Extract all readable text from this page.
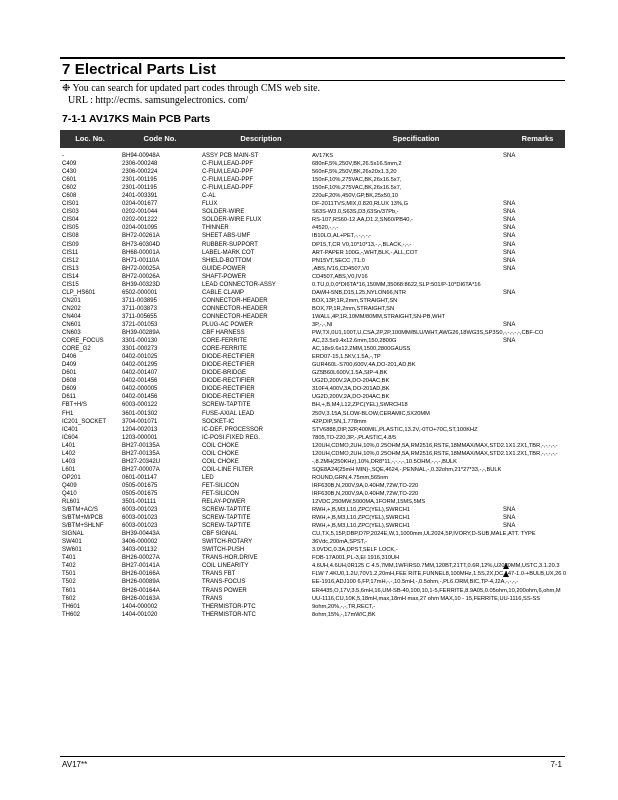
7 Electrical Parts List
❉ You can search for updated part codes through CMS web site.
URL : http://ecms. samsungelectronics. com/
7-1-1 AV17KS Main PCB Parts
Loc. No.	Code No.	Description	Specification	Remarks
-	BH94-00948A	ASSY PCB MAIN-ST	AV17KS	SNA
C409	2306-000248	C-FILM,LEAD-PPF	680nF,5%,250V,BK,26.5x16.5mm,2
C430	2306-000224	C-FILM,LEAD-PPF	560nF,5%,250V,BK,26x20x1.3,20
C601	2301-001195	C-FILM,LEAD-PPF	150nF,10%,275VAC,BK,26x16.5x7,
C602	2301-001195	C-FILM,LEAD-PPF	150nF,10%,275VAC,BK,26x16.5x7,
C608	2401-003391	C-AL	220uF,20%,450V,GP,BK,25x50,10
CIS01	0204-001677	FLUX	DF-2011TVS,MIX,0.820,RLUX 13%,G	SNA
CIS03	0202-001044	SOLDER-WIRE	S63S-W3.0,S63S,D3,63Sn/37Pb,-	SNA
CIS04	0202-001222	SOLDER-WIRE FLUX	RS-107,RS60-12.AA,D1.2,SN60/PB40,-	SNA
CIS05	0204-001095	THINNER	#4520,-,-,-	SNA
CIS08	BH72-00261A	SHEET ABS-UMF	IB10LO,AL+PET,-,-,-,-,-	SNA
CIS09	BH73-60304D	RUBBER-SUPPORT	DP15,T,CR V0,10*10*13,-,-,BLACK,-,-,-	SNA
CIS11	BH68-00001A	LABEL-MARK COT	ART-PAPER 100G,-,WHT,BLK,-,ALL,COT	SNA
CIS12	BH71-00110A	SHIELD-BOTTOM	PN15VT,SECC ,T1.0	SNA
CIS13	BH72-00025A	GUIDE-POWER	,ABS,IV16,CD4507,V0	SNA
CIS14	BH72-00026A	SHAFT-POWER	CD4507,ABS,V0,IV16
CIS15	BH39-00323D	LEAD CONNECTOR-ASSY	0.TU,0,0,0*DI6TA*16,150MM,35068:8622,SLP:501/P-10*DI6TA*16
CLP_HS601	6502-000001	CABLE CLAMP	DAWH-5NB,D15,L25,NYLON66,NTR	SNA
CN201	3711-003895	CONNECTOR-HEADER	BOX,13P,1R,2mm,STRAIGHT,SN
CN202	3711-003873	CONNECTOR-HEADER	BOX,7P,1R,2mm,STRAIGHT,SN
CN404	3711-005655	CONNECTOR-HEADER	1WALL,4P,1R,10MM/80MM,STRAIGHT,SN-PB,WHT
CN601	3721-001053	PLUG-AC POWER	3P,-,-,NI	SNA
CN603	BH39-00289A	CBF HARNESS	PW,TX,0U1,100T,U,CSA,2P,2P,100MM/BLU/WHT,AWG26,18WG3S,SP3S0,-,-,-,-,-,CBF-CO
CORE_FOCUS	3301-000130	CORE-FERRITE	AC,23.5x9.4x12.6mm,150,2800G	SNA
CORE_G2	3301-000273	CORE-FERRITE	AC,18x9.6x12.2MM,1500,2800GAUSS
D406	0402-001025	DIODE-RECTIFIER	ERD07-15,1.5KV,1.5A,-,TP
D409	0402-001295	DIODE-RECTIFIER	GUR460L-S700,600V,4A,DO-201,AD,BK
D601	0402-001407	DIODE-BRIDGE	GZ5B60L600V,1.5A,SIP-4,BK
D608	0402-001456	DIODE-RECTIFIER	UG2D,200V,2A,DO-204AC,BK
D609	0402-000005	DIODE-RECTIFIER	310F4,400V,3A,DO-201AD,BK
D611	0402-001456	DIODE-RECTIFIER	UG2D,200V,2A,DO-204AC,BK
FBT+H/S	6003-000122	SCREW-TAPTITE	BH,+,B,M4,L12,ZPC(YEL),SWRCH18
FH1	3601-001302	FUSE-AXIAL LEAD	250V,3.15A,SLOW-BLOW,CERAMIC,5X20MM
IC201_SOCKET	3704-001071	SOCKET-IC	42P,DIP,SN,1.778mm
IC401	1204-002013	IC-DEF. PROCESSOR	STV6888,DIP,32P,400MIL,PLASTIC,13.2V,-0TO+70C,ST,100KHZ
IC604	1203-000001	IC-POSI.FIXED REG.	7805,TO-220,3P,-,PLASTIC,4.8/5
L401	BH27-00135A	COIL CHOKE	120UH,CDMO,2UH,10%,0.25OHM,5A,RM2516,RSTE,18MMAX/MAX,STD2.1X1.2X1,TBR,-,-,-,-,-
L402	BH27-00135A	COIL CHOKE	120UH,CDMO,2UH,10%,0.25OHM,5A,RM2516,RSTE,18MMAX/MAX,STD2.1X1.2X1,TBR,-,-,-,-,-
L403	BH27-20342U	COIL CHOKE	-,8.2MH(250KHz),10%,DR8*11,-,-,-,-,10.5OHM,-,-,-,BULK
L601	BH27-00007A	COIL-LINE FILTER	SQE8A24(25mH MIN)-,SQE,4624,-,PENNAL,-,0.32ohm,21*27*33,-,-,BULK
OP201	0601-001147	LED	ROUND,GRN,4.75mm,565nm
Q409	0505-001675	FET-SILICON	IRF630B,N,200V,9A,0.40HM,72W,TO-220
Q410	0505-001675	FET-SILICON	IRF630B,N,200V,9A,0.40HM,72W,TO-220
RL601	3501-001111	RELAY-POWER	12VDC,250MW,5000MA,1FORM,15MS,5MS
S/BTM+AC/S	6003-001023	SCREW-TAPTITE	RWH,+,B,M3,L10,ZPC(YEL),SWRCH1	SNA
S/BTM+M/PCB	6003-001023	SCREW-TAPTITE	RWH,+,B,M3,L10,ZPC(YEL),SWRCH1	SNA
S/BTM+SHLNF	6003-001023	SCREW-TAPTITE	RWH,+,B,M3,L10,ZPC(YEL),SWRCH1	SNA
SIGNAL	BH39-00443A	CBF SIGNAL	CU,TX,5,15P,DBP,D7P,2024E,W,1,1000mm,UL2024,5P,IVORY,D-SUB,MALE,ATT. TYPE
SW401	3406-000002	SWITCH-ROTARY	36Vdc,200mA,SPST,-
SW601	3403-001132	SWITCH-PUSH	3.0VDC,0.3A,DPST,SELF LOCK,-
T401	BH26-00027A	TRANS-HOR.DRIVE	FOB-17A001,PL-3,EI 1916,310UH
T402	BH27-00141A	COIL LINEARITY	4.6UH,4.6UH,0R125 C 4.5,7MM,1WFIRS0.7MM,120BT,21TT,0.6R,12%,U2020MM,USTC,3.1.20.3
T501	BH26-00166A	TRANS FBT	FLW 7.4KU0,1.2U,70V1.2,20mH,FEE RITE,FUNNEL8,100MHz,1.5S,2X,DC,147-1.0-+BULB,UX,26 0
T502	BH26-00089A	TRANS-FOCUS	EE-1916,ADJ100 6,FP,17mH,-,-,10.5mH,-,0.5ohm,-,PL6.ORM,BIC,TP-4,J2A,-,-,-,-
T601	BH26-00164A	TRANS POWER	ER4435,O,17V,3.5,6mH,16,UM-SB-40,100,10,1-5,FERRITE,8.9A05,0.05ohm,10,200ohm,6,ohm,M
T602	BH26-00163A	TRANS	UU-1116,CU,10K,5,18mH,max,18mH max,27 ohm MAX,10 - 15,FERRITE,UU-1116,SS-SS
TH601	1404-000002	THERMISTOR-PTC	9ohm,20%,-,-,TR,RECT,-
TH602	1404-001020	THERMISTOR-NTC	8ohm,15%,-,17mW/C,BK
AV17**	7-1
